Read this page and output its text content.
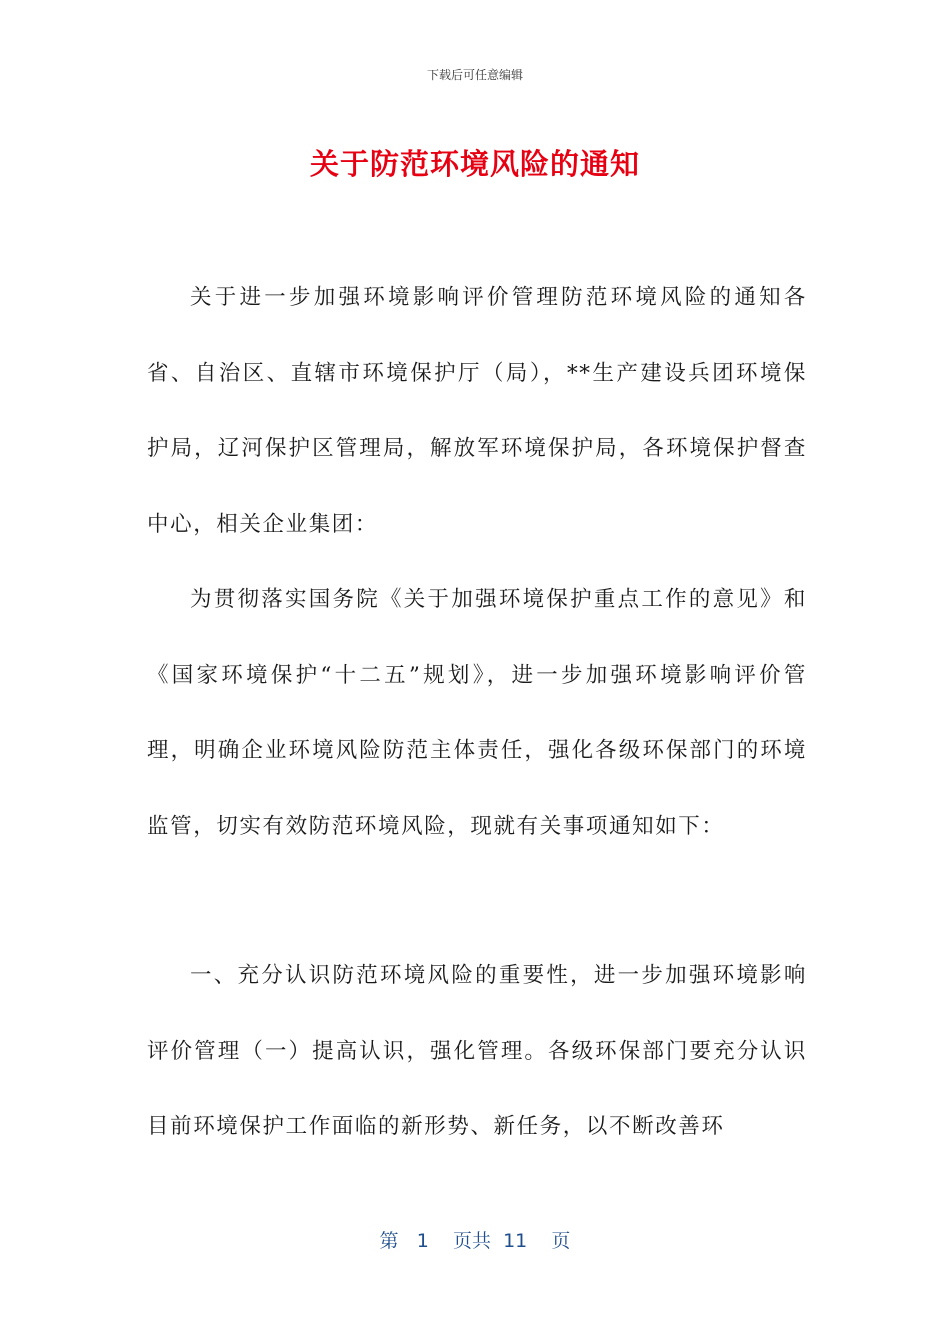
下载后可任意编辑
关于防范环境风险的通知

关于进一步加强环境影响评价管理防范环境风险的通知各省、自治区、直辖市环境保护厅（局），**生产建设兵团环境保护局，辽河保护区管理局，解放军环境保护局，各环境保护督查中心，相关企业集团：

为贯彻落实国务院《关于加强环境保护重点工作的意见》和《国家环境保护“十二五”规划》，进一步加强环境影响评价管理，明确企业环境风险防范主体责任，强化各级环保部门的环境监管，切实有效防范环境风险，现就有关事项通知如下：

一、充分认识防范环境风险的重要性，进一步加强环境影响评价管理（一）提高认识，强化管理。各级环保部门要充分认识目前环境保护工作面临的新形势、新任务，以不断改善环

第 1 页共 11 页
